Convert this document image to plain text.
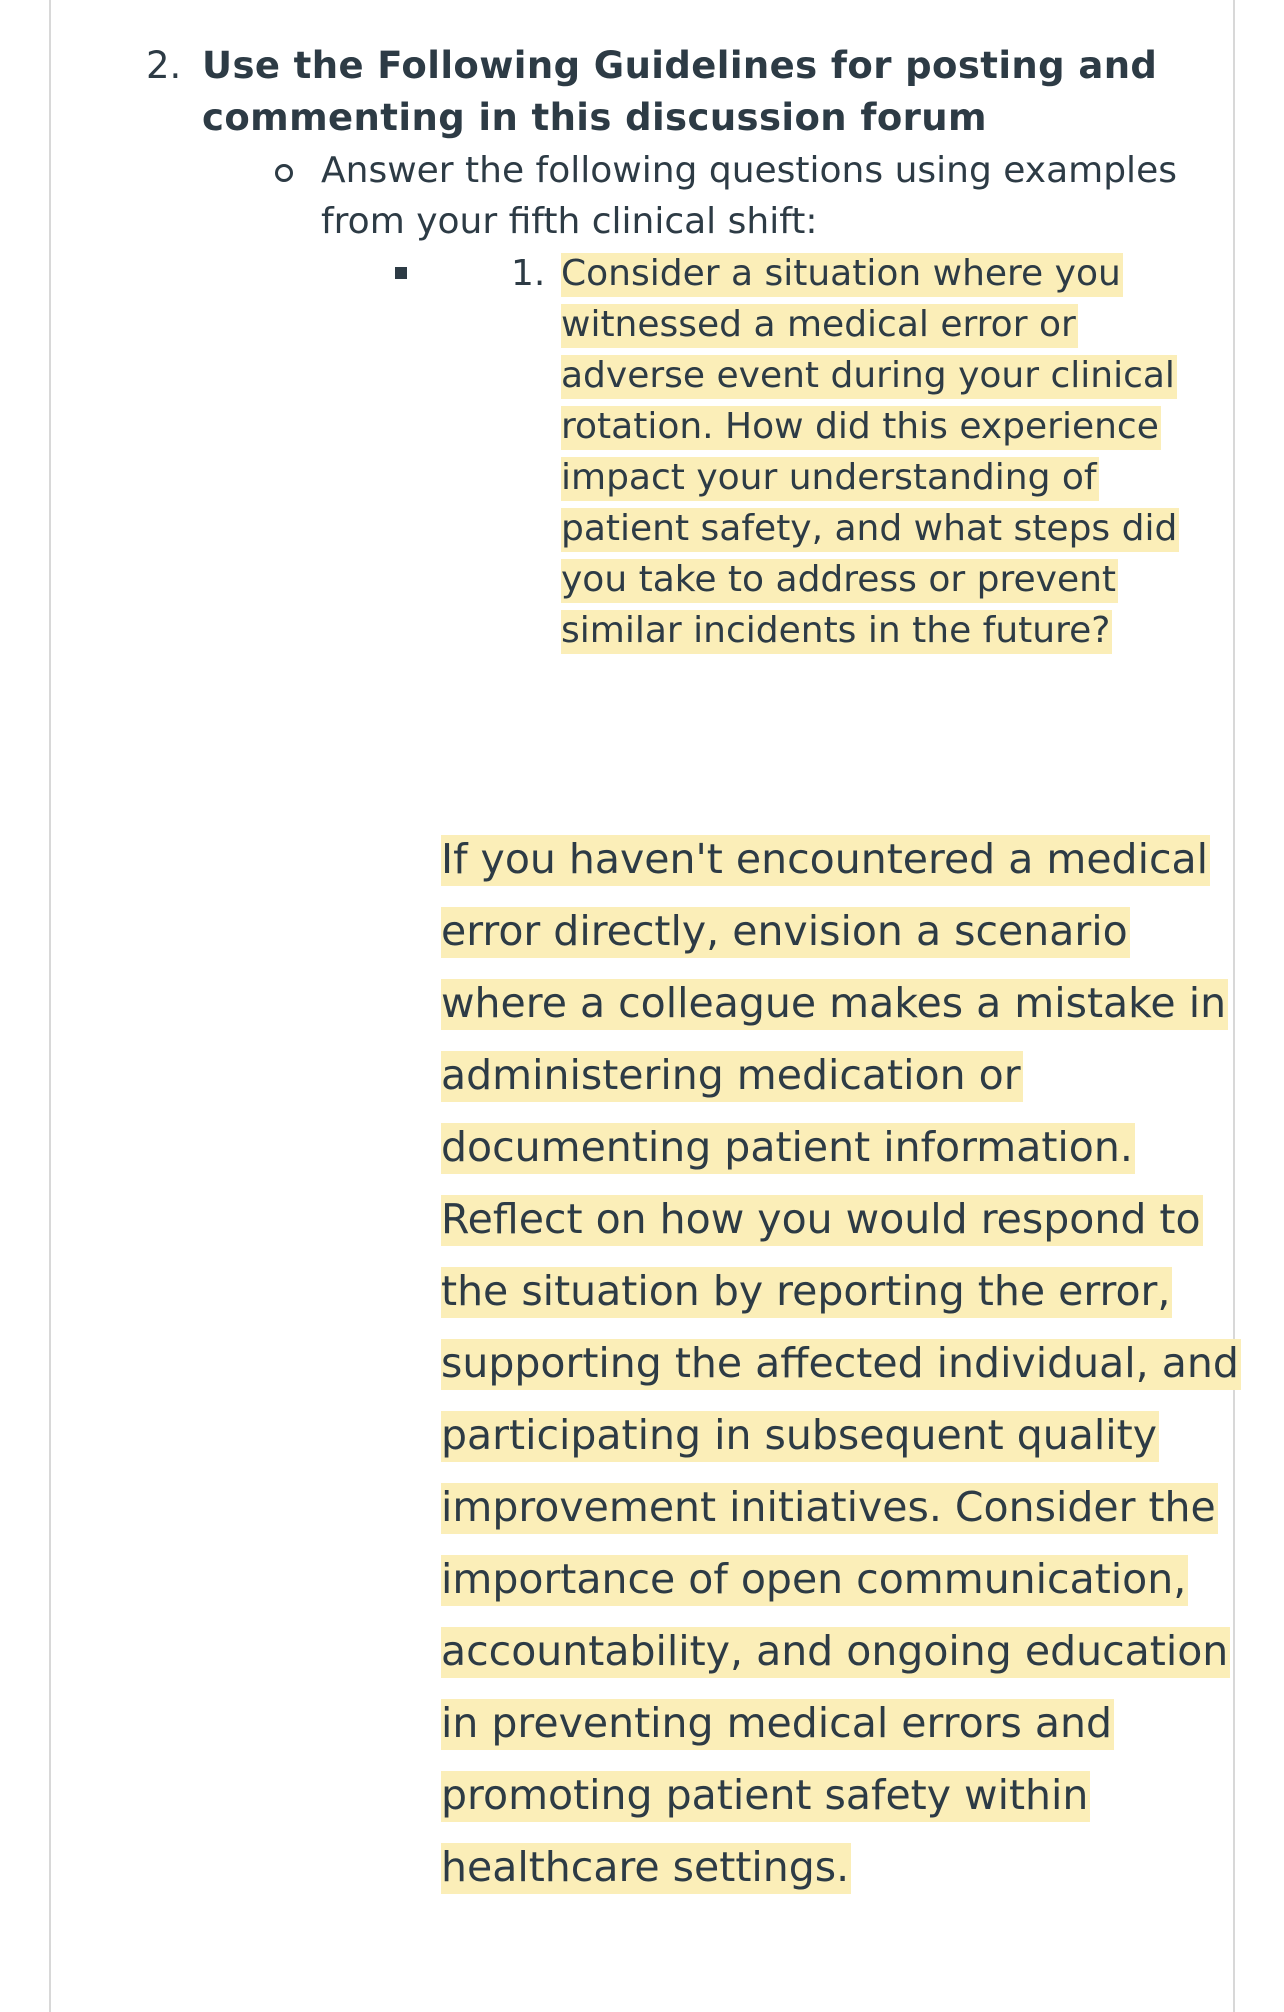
2. Use the Following Guidelines for posting and commenting in this discussion forum
Answer the following questions using examples from your fifth clinical shift:
1. Consider a situation where you witnessed a medical error or adverse event during your clinical rotation. How did this experience impact your understanding of patient safety, and what steps did you take to address or prevent similar incidents in the future?
If you haven't encountered a medical error directly, envision a scenario where a colleague makes a mistake in administering medication or documenting patient information. Reflect on how you would respond to the situation by reporting the error, supporting the affected individual, and participating in subsequent quality improvement initiatives. Consider the importance of open communication, accountability, and ongoing education in preventing medical errors and promoting patient safety within healthcare settings.
